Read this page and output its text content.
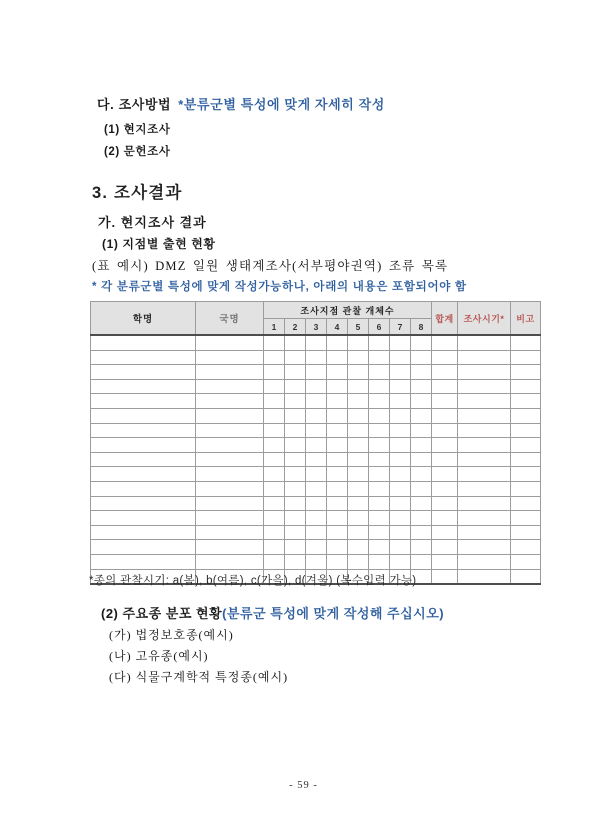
다. 조사방법 *분류군별 특성에 맞게 자세히 작성
(1) 현지조사
(2) 문헌조사
3. 조사결과
가. 현지조사 결과
(1) 지점별 출현 현황
(표 예시) DMZ 일원 생태계조사(서부평야권역) 조류 목록
* 각 분류군별 특성에 맞게 작성가능하나, 아래의 내용은 포함되어야 함
학명	국명	조사지점 관찰 개체수								합계	조사시기*	비고
		1	2	3	4	5	6	7	8			

*종의 관찰시기: a(봄), b(여름), c(가을), d(겨울) (복수입력 가능)
(2) 주요종 분포 현황(분류군 특성에 맞게 작성해 주십시오)
(가) 법정보호종(예시)
(나) 고유종(예시)
(다) 식물구계학적 특정종(예시)
- 59 -
